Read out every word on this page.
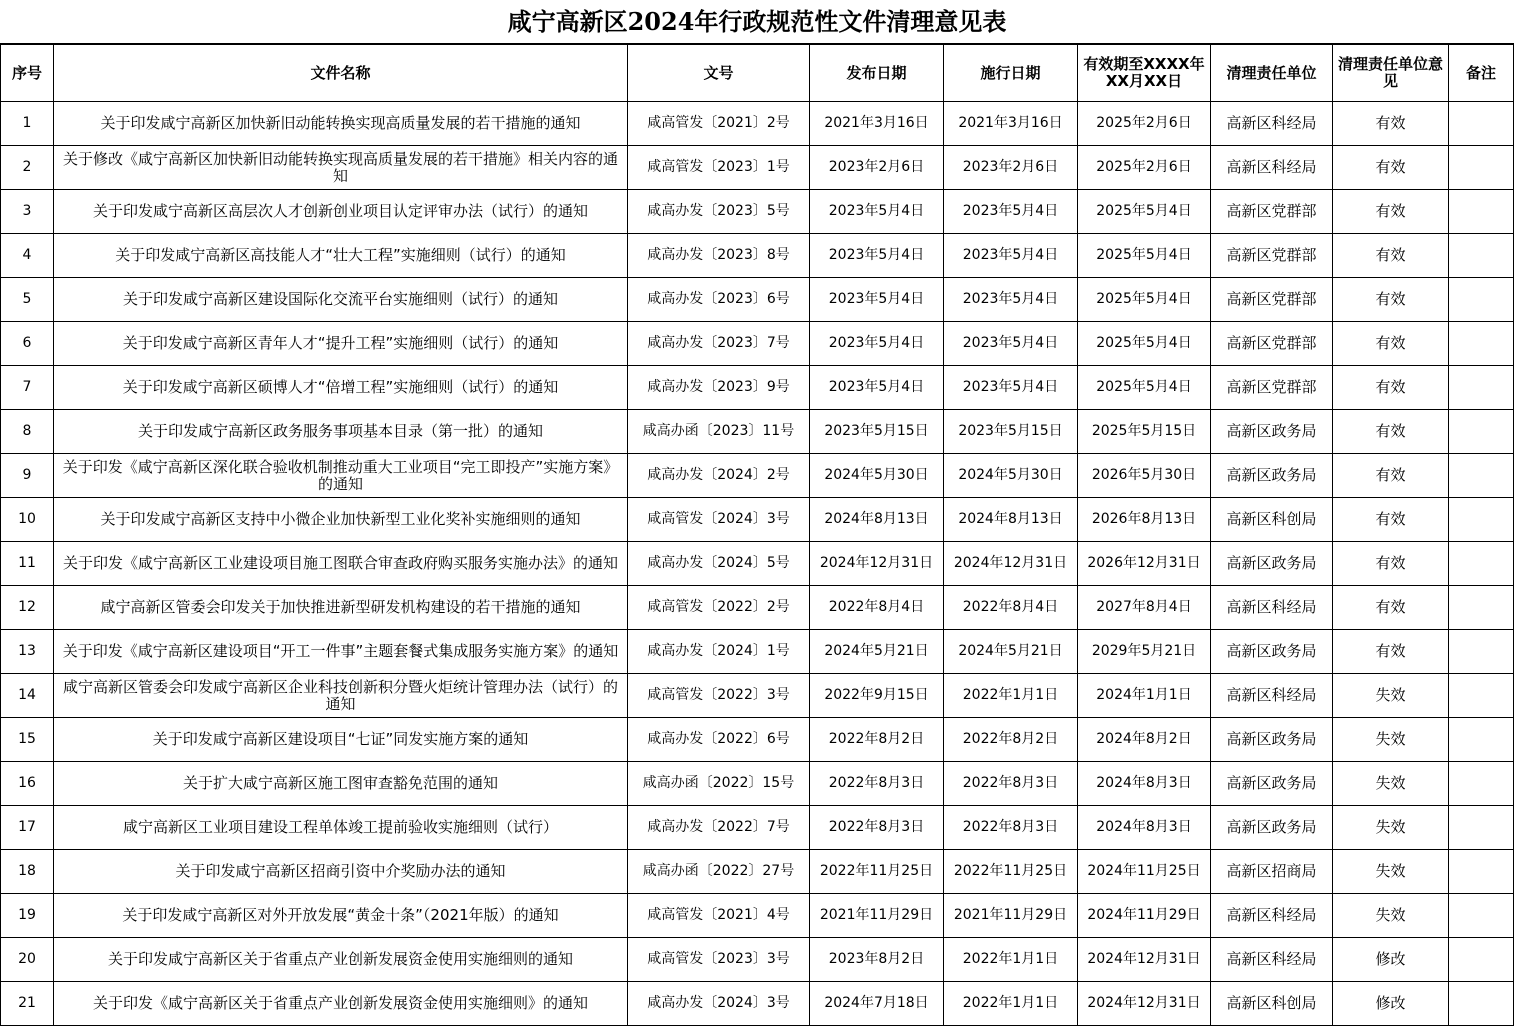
咸宁高新区2024年行政规范性文件清理意见表
序号	文件名称	文号	发布日期	施行日期	有效期至XXXX年XX月XX日	清理责任单位	清理责任单位意见	备注
1	关于印发咸宁高新区加快新旧动能转换实现高质量发展的若干措施的通知	咸高管发〔2021〕2号	2021年3月16日	2021年3月16日	2025年2月6日	高新区科经局	有效	
2	关于修改《咸宁高新区加快新旧动能转换实现高质量发展的若干措施》相关内容的通知	咸高管发〔2023〕1号	2023年2月6日	2023年2月6日	2025年2月6日	高新区科经局	有效	
3	关于印发咸宁高新区高层次人才创新创业项目认定评审办法（试行）的通知	咸高办发〔2023〕5号	2023年5月4日	2023年5月4日	2025年5月4日	高新区党群部	有效	
4	关于印发咸宁高新区高技能人才“壮大工程”实施细则（试行）的通知	咸高办发〔2023〕8号	2023年5月4日	2023年5月4日	2025年5月4日	高新区党群部	有效	
5	关于印发咸宁高新区建设国际化交流平台实施细则（试行）的通知	咸高办发〔2023〕6号	2023年5月4日	2023年5月4日	2025年5月4日	高新区党群部	有效	
6	关于印发咸宁高新区青年人才“提升工程”实施细则（试行）的通知	咸高办发〔2023〕7号	2023年5月4日	2023年5月4日	2025年5月4日	高新区党群部	有效	
7	关于印发咸宁高新区硕博人才“倍增工程”实施细则（试行）的通知	咸高办发〔2023〕9号	2023年5月4日	2023年5月4日	2025年5月4日	高新区党群部	有效	
8	关于印发咸宁高新区政务服务事项基本目录（第一批）的通知	咸高办函〔2023〕11号	2023年5月15日	2023年5月15日	2025年5月15日	高新区政务局	有效	
9	关于印发《咸宁高新区深化联合验收机制推动重大工业项目“完工即投产”实施方案》的通知	咸高办发〔2024〕2号	2024年5月30日	2024年5月30日	2026年5月30日	高新区政务局	有效	
10	关于印发咸宁高新区支持中小微企业加快新型工业化奖补实施细则的通知	咸高管发〔2024〕3号	2024年8月13日	2024年8月13日	2026年8月13日	高新区科创局	有效	
11	关于印发《咸宁高新区工业建设项目施工图联合审查政府购买服务实施办法》的通知	咸高办发〔2024〕5号	2024年12月31日	2024年12月31日	2026年12月31日	高新区政务局	有效	
12	咸宁高新区管委会印发关于加快推进新型研发机构建设的若干措施的通知	咸高管发〔2022〕2号	2022年8月4日	2022年8月4日	2027年8月4日	高新区科经局	有效	
13	关于印发《咸宁高新区建设项目“开工一件事”主题套餐式集成服务实施方案》的通知	咸高办发〔2024〕1号	2024年5月21日	2024年5月21日	2029年5月21日	高新区政务局	有效	
14	咸宁高新区管委会印发咸宁高新区企业科技创新积分暨火炬统计管理办法（试行）的通知	咸高管发〔2022〕3号	2022年9月15日	2022年1月1日	2024年1月1日	高新区科经局	失效	
15	关于印发咸宁高新区建设项目“七证”同发实施方案的通知	咸高办发〔2022〕6号	2022年8月2日	2022年8月2日	2024年8月2日	高新区政务局	失效	
16	关于扩大咸宁高新区施工图审查豁免范围的通知	咸高办函〔2022〕15号	2022年8月3日	2022年8月3日	2024年8月3日	高新区政务局	失效	
17	咸宁高新区工业项目建设工程单体竣工提前验收实施细则（试行）	咸高办发〔2022〕7号	2022年8月3日	2022年8月3日	2024年8月3日	高新区政务局	失效	
18	关于印发咸宁高新区招商引资中介奖励办法的通知	咸高办函〔2022〕27号	2022年11月25日	2022年11月25日	2024年11月25日	高新区招商局	失效	
19	关于印发咸宁高新区对外开放发展“黄金十条”（2021年版）的通知	咸高管发〔2021〕4号	2021年11月29日	2021年11月29日	2024年11月29日	高新区科经局	失效	
20	关于印发咸宁高新区关于省重点产业创新发展资金使用实施细则的通知	咸高管发〔2023〕3号	2023年8月2日	2022年1月1日	2024年12月31日	高新区科经局	修改	
21	关于印发《咸宁高新区关于省重点产业创新发展资金使用实施细则》的通知	咸高办发〔2024〕3号	2024年7月18日	2022年1月1日	2024年12月31日	高新区科创局	修改	
